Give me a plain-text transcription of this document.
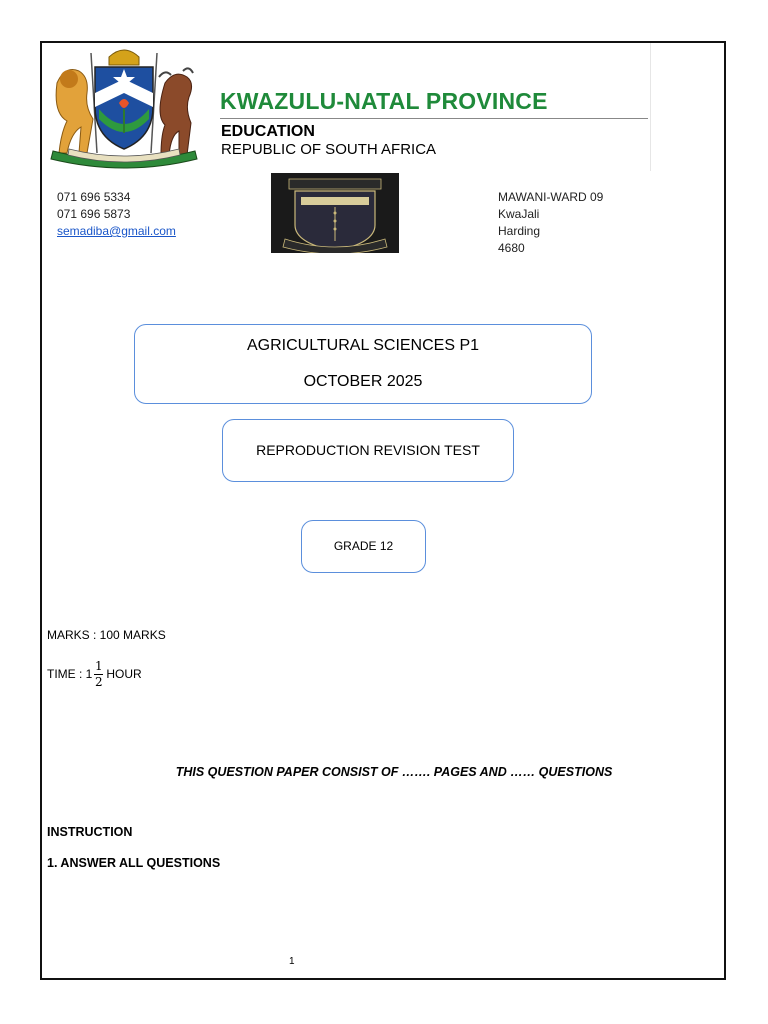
KWAZULU-NATAL PROVINCE
EDUCATION
REPUBLIC OF SOUTH AFRICA
071 696 5334
071 696 5873
semadiba@gmail.com
MAWANI-WARD 09
KwaJali
Harding
4680
AGRICULTURAL SCIENCES P1
OCTOBER 2025
REPRODUCTION REVISION TEST
GRADE 12
MARKS : 100 MARKS
TIME : $1 \frac{1}{2}$ HOUR
THIS QUESTION PAPER CONSIST OF ……. PAGES AND …… QUESTIONS
INSTRUCTION
1. ANSWER ALL QUESTIONS
1
